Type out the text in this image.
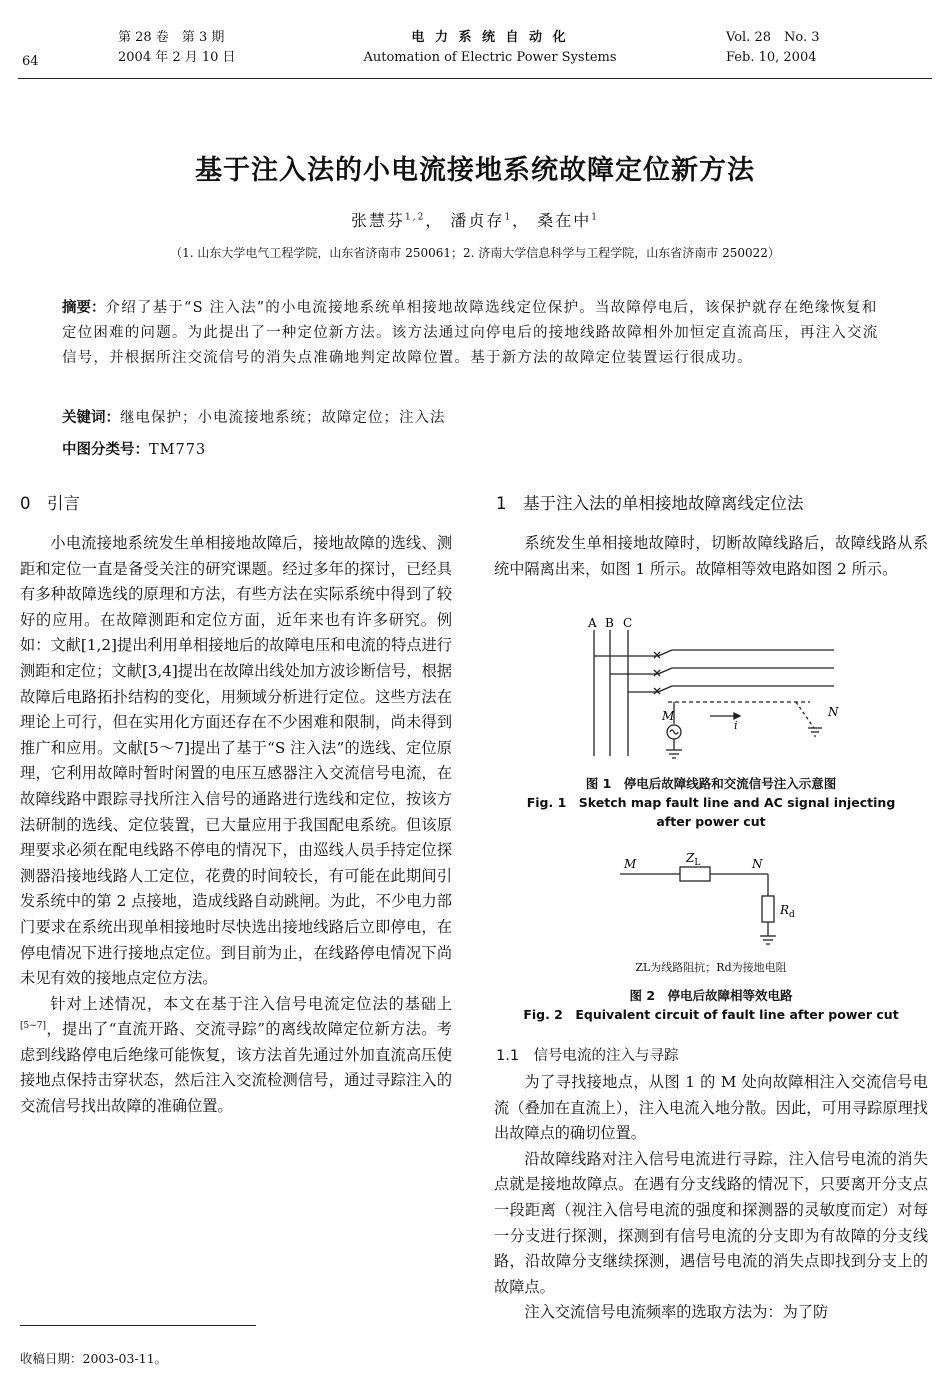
64
第 28 卷　第 3 期
2004 年 2 月 10 日
电 力 系 统 自 动 化
Automation of Electric Power Systems
Vol. 28　No. 3
Feb. 10, 2004
基于注入法的小电流接地系统故障定位新方法
张慧芬$^{1,2}$， 潘贞存$^1$， 桑在中$^1$
（1. 山东大学电气工程学院，山东省济南市 250061；2. 济南大学信息科学与工程学院，山东省济南市 250022）
摘要：介绍了基于“S 注入法”的小电流接地系统单相接地故障选线定位保护。当故障停电后，该保护就存在绝缘恢复和定位困难的问题。为此提出了一种定位新方法。该方法通过向停电后的接地线路故障相外加恒定直流高压，再注入交流信号，并根据所注交流信号的消失点准确地判定故障位置。基于新方法的故障定位装置运行很成功。
关键词：继电保护；小电流接地系统；故障定位；注入法
中图分类号：TM773
0　引言

小电流接地系统发生单相接地故障后，接地故障的选线、测距和定位一直是备受关注的研究课题。经过多年的探讨，已经具有多种故障选线的原理和方法，有些方法在实际系统中得到了较好的应用。在故障测距和定位方面，近年来也有许多研究。例如：文献[1,2]提出利用单相接地后的故障电压和电流的特点进行测距和定位；文献[3,4]提出在故障出线处加方波诊断信号，根据故障后电路拓扑结构的变化，用频域分析进行定位。这些方法在理论上可行，但在实用化方面还存在不少困难和限制，尚未得到推广和应用。文献[5～7]提出了基于“S 注入法”的选线、定位原理，它利用故障时暂时闲置的电压互感器注入交流信号电流，在故障线路中跟踪寻找所注入信号的通路进行选线和定位，按该方法研制的选线、定位装置，已大量应用于我国配电系统。但该原理要求必须在配电线路不停电的情况下，由巡线人员手持定位探测器沿接地线路人工定位，花费的时间较长，有可能在此期间引发系统中的第 2 点接地，造成线路自动跳闸。为此，不少电力部门要求在系统出现单相接地时尽快选出接地线路后立即停电，在停电情况下进行接地点定位。到目前为止，在线路停电情况下尚未见有效的接地点定位方法。

针对上述情况，本文在基于注入信号电流定位法的基础上[5~7]，提出了“直流开路、交流寻踪”的离线故障定位新方法。考虑到线路停电后绝缘可能恢复，该方法首先通过外加直流高压使接地点保持击穿状态，然后注入交流检测信号，通过寻踪注入的交流信号找出故障的准确位置。

收稿日期：2003-03-11。
1　基于注入法的单相接地故障离线定位法

系统发生单相接地故障时，切断故障线路后，故障线路从系统中隔离出来，如图 1 所示。故障相等效电路如图 2 所示。

A B C
M	N
i
图 1　停电后故障线路和交流信号注入示意图
Fig. 1　Sketch map fault line and AC signal injecting
after power cut
M	N
$Z_L$
$R_d$
ZL为线路阻抗；Rd为接地电阻
图 2　停电后故障相等效电路
Fig. 2　Equivalent circuit of fault line after power cut
1.1　信号电流的注入与寻踪

为了寻找接地点，从图 1 的 M 处向故障相注入交流信号电流（叠加在直流上），注入电流入地分散。因此，可用寻踪原理找出故障点的确切位置。

沿故障线路对注入信号电流进行寻踪，注入信号电流的消失点就是接地故障点。在遇有分支线路的情况下，只要离开分支点一段距离（视注入信号电流的强度和探测器的灵敏度而定）对每一分支进行探测，探测到有信号电流的分支即为有故障的分支线路，沿故障分支继续探测，遇信号电流的消失点即找到分支上的故障点。

注入交流信号电流频率的选取方法为：为了防
